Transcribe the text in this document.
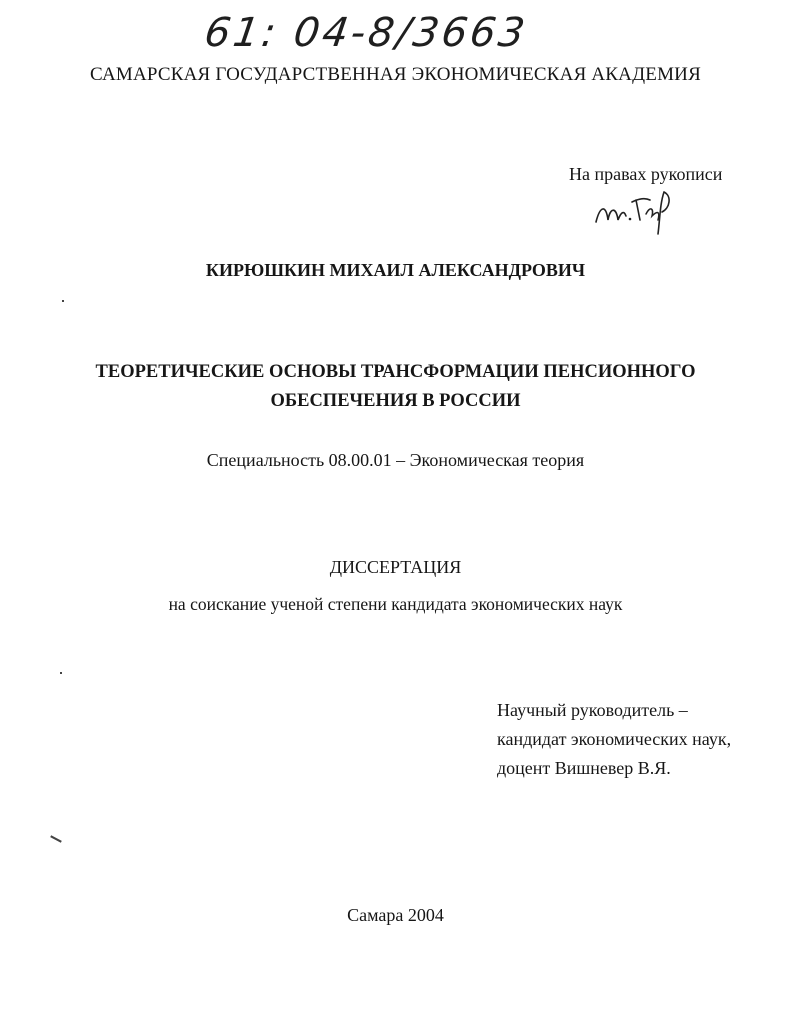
61: 04-8/3663
САМАРСКАЯ ГОСУДАРСТВЕННАЯ ЭКОНОМИЧЕСКАЯ АКАДЕМИЯ
На правах рукописи
КИРЮШКИН МИХАИЛ АЛЕКСАНДРОВИЧ
ТЕОРЕТИЧЕСКИЕ ОСНОВЫ ТРАНСФОРМАЦИИ ПЕНСИОННОГО
ОБЕСПЕЧЕНИЯ В РОССИИ
Специальность 08.00.01 – Экономическая теория
ДИССЕРТАЦИЯ
на соискание ученой степени кандидата экономических наук
Научный руководитель –
кандидат экономических наук,
доцент Вишневер В.Я.
Самара 2004
